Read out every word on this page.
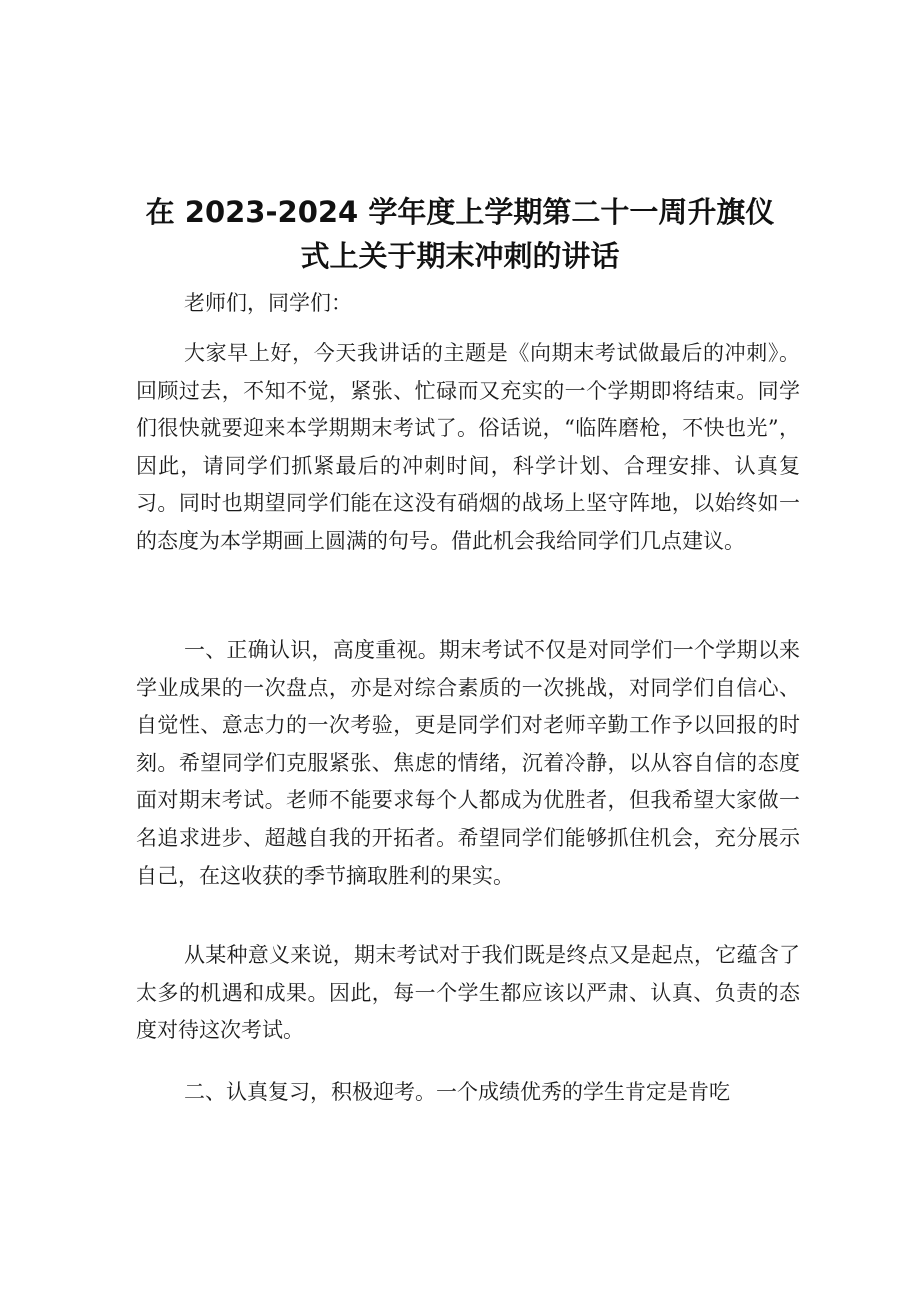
在 2023-2024 学年度上学期第二十一周升旗仪
式上关于期末冲刺的讲话
老师们，同学们：

大家早上好，今天我讲话的主题是《向期末考试做最后的冲刺》。回顾过去，不知不觉，紧张、忙碌而又充实的一个学期即将结束。同学们很快就要迎来本学期期末考试了。俗话说，“临阵磨枪，不快也光”，因此，请同学们抓紧最后的冲刺时间，科学计划、合理安排、认真复习。同时也期望同学们能在这没有硝烟的战场上坚守阵地，以始终如一的态度为本学期画上圆满的句号。借此机会我给同学们几点建议。

一、正确认识，高度重视。期末考试不仅是对同学们一个学期以来学业成果的一次盘点，亦是对综合素质的一次挑战，对同学们自信心、自觉性、意志力的一次考验，更是同学们对老师辛勤工作予以回报的时刻。希望同学们克服紧张、焦虑的情绪，沉着冷静，以从容自信的态度面对期末考试。老师不能要求每个人都成为优胜者，但我希望大家做一名追求进步、超越自我的开拓者。希望同学们能够抓住机会，充分展示自己，在这收获的季节摘取胜利的果实。

从某种意义来说，期末考试对于我们既是终点又是起点，它蕴含了太多的机遇和成果。因此，每一个学生都应该以严肃、认真、负责的态度对待这次考试。

二、认真复习，积极迎考。一个成绩优秀的学生肯定是肯吃
